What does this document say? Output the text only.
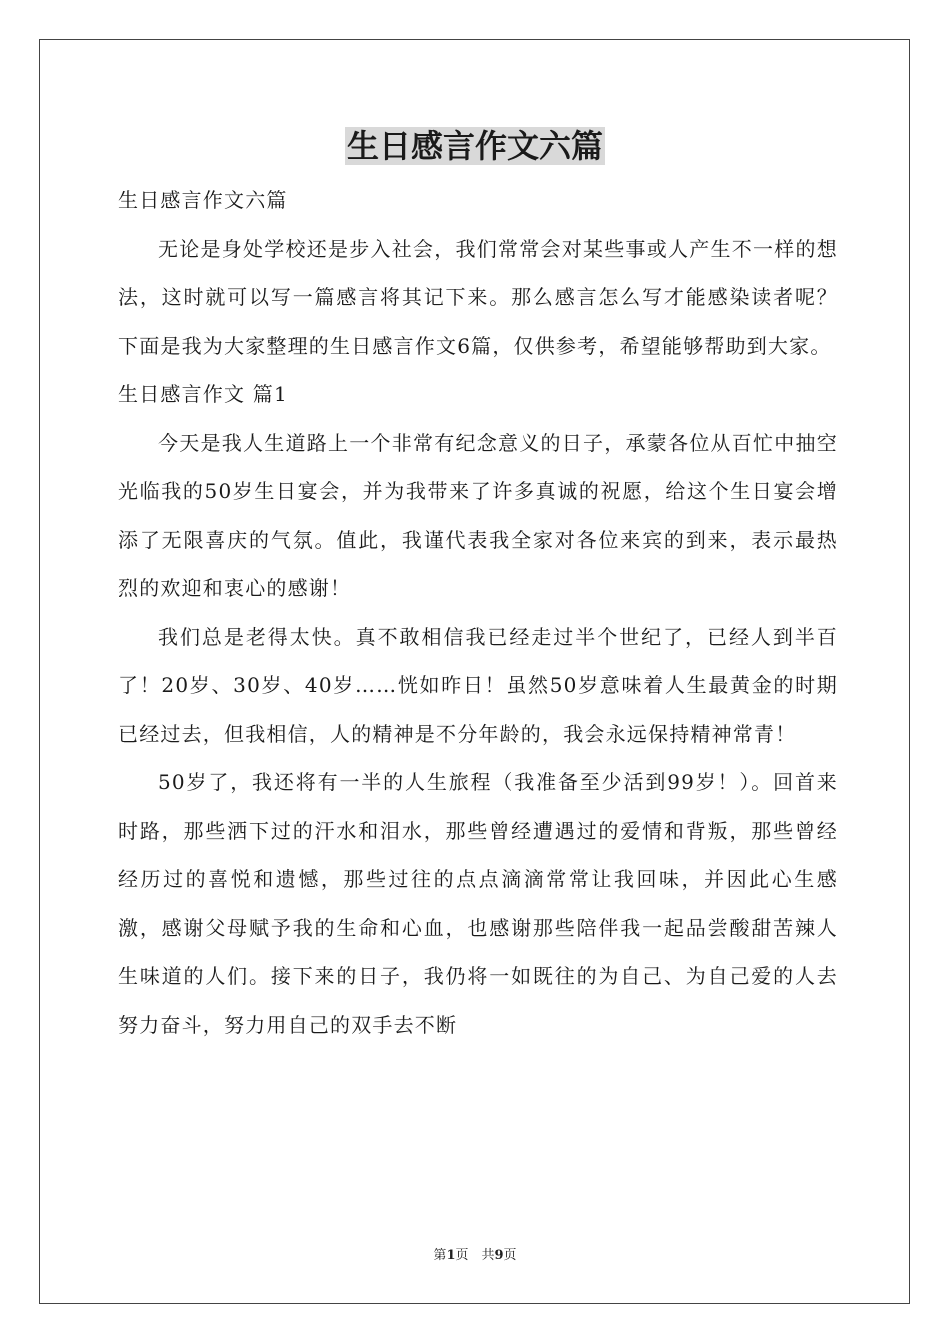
生日感言作文六篇

生日感言作文六篇

无论是身处学校还是步入社会，我们常常会对某些事或人产生不一样的想法，这时就可以写一篇感言将其记下来。那么感言怎么写才能感染读者呢？下面是我为大家整理的生日感言作文6篇，仅供参考，希望能够帮助到大家。

生日感言作文 篇1

今天是我人生道路上一个非常有纪念意义的日子，承蒙各位从百忙中抽空光临我的50岁生日宴会，并为我带来了许多真诚的祝愿，给这个生日宴会增添了无限喜庆的气氛。值此，我谨代表我全家对各位来宾的到来，表示最热烈的欢迎和衷心的感谢！

我们总是老得太快。真不敢相信我已经走过半个世纪了，已经人到半百了！20岁、30岁、40岁……恍如昨日！虽然50岁意味着人生最黄金的时期已经过去，但我相信，人的精神是不分年龄的，我会永远保持精神常青！

50岁了，我还将有一半的人生旅程（我准备至少活到99岁！）。回首来时路，那些洒下过的汗水和泪水，那些曾经遭遇过的爱情和背叛，那些曾经经历过的喜悦和遗憾，那些过往的点点滴滴常常让我回味，并因此心生感激，感谢父母赋予我的生命和心血，也感谢那些陪伴我一起品尝酸甜苦辣人生味道的人们。接下来的日子，我仍将一如既往的为自己、为自己爱的人去努力奋斗，努力用自己的双手去不断

第1页　共9页
